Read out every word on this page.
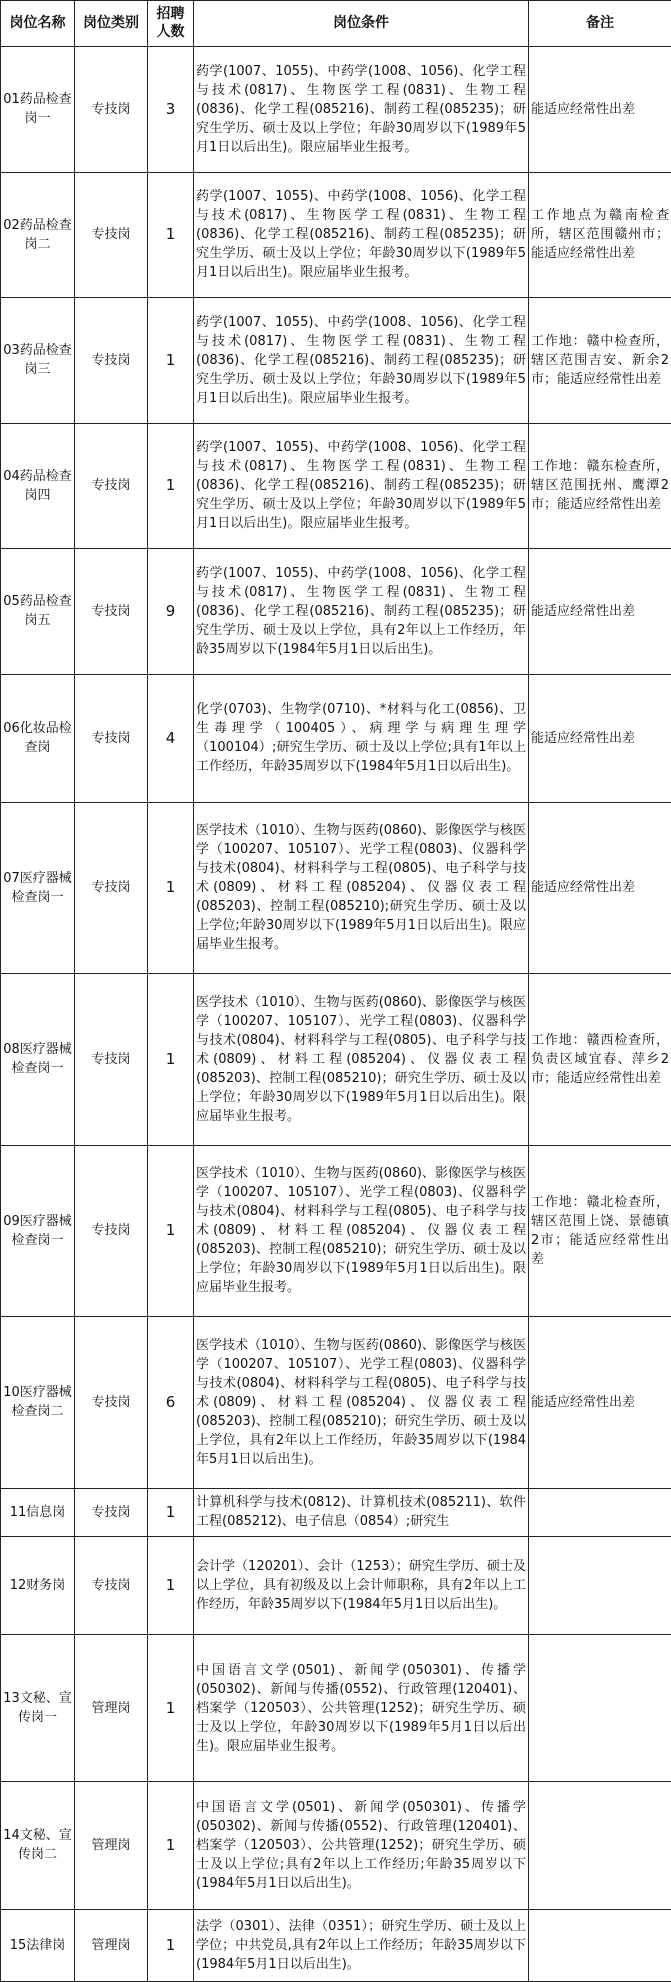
岗位名称	岗位类别	招聘人数	岗位条件	备注
01药品检查岗一	专技岗	3	药学(1007、1055)、中药学(1008、1056)、化学工程与技术(0817)、生物医学工程(0831)、生物工程(0836)、化学工程(085216)、制药工程(085235)；研究生学历、硕士及以上学位；年龄30周岁以下(1989年5月1日以后出生)。限应届毕业生报考。	能适应经常性出差
02药品检查岗二	专技岗	1	药学(1007、1055)、中药学(1008、1056)、化学工程与技术(0817)、生物医学工程(0831)、生物工程(0836)、化学工程(085216)、制药工程(085235)；研究生学历、硕士及以上学位；年龄30周岁以下(1989年5月1日以后出生)。限应届毕业生报考。	工作地点为赣南检查所，辖区范围赣州市；能适应经常性出差
03药品检查岗三	专技岗	1	药学(1007、1055)、中药学(1008、1056)、化学工程与技术(0817)、生物医学工程(0831)、生物工程(0836)、化学工程(085216)、制药工程(085235)；研究生学历、硕士及以上学位；年龄30周岁以下(1989年5月1日以后出生)。限应届毕业生报考。	工作地：赣中检查所，辖区范围吉安、新余2市；能适应经常性出差
04药品检查岗四	专技岗	1	药学(1007、1055)、中药学(1008、1056)、化学工程与技术(0817)、生物医学工程(0831)、生物工程(0836)、化学工程(085216)、制药工程(085235)；研究生学历、硕士及以上学位；年龄30周岁以下(1989年5月1日以后出生)。限应届毕业生报考。	工作地：赣东检查所，辖区范围抚州、鹰潭2市；能适应经常性出差
05药品检查岗五	专技岗	9	药学(1007、1055)、中药学(1008、1056)、化学工程与技术(0817)、生物医学工程(0831)、生物工程(0836)、化学工程(085216)、制药工程(085235)；研究生学历、硕士及以上学位，具有2年以上工作经历，年龄35周岁以下(1984年5月1日以后出生)。	能适应经常性出差
06化妆品检查岗	专技岗	4	化学(0703)、生物学(0710)、*材料与化工(0856)、卫生毒理学（100405）、病理学与病理生理学（100104）;研究生学历、硕士及以上学位;具有1年以上工作经历，年龄35周岁以下(1984年5月1日以后出生)。	能适应经常性出差
07医疗器械检查岗一	专技岗	1	医学技术（1010）、生物与医药(0860)、影像医学与核医学（100207、105107）、光学工程(0803)、仪器科学与技术(0804)、材料科学与工程(0805)、电子科学与技术(0809)、材料工程(085204)、仪器仪表工程(085203)、控制工程(085210);研究生学历、硕士及以上学位;年龄30周岁以下(1989年5月1日以后出生)。限应届毕业生报考。	能适应经常性出差
08医疗器械检查岗一	专技岗	1	医学技术（1010）、生物与医药(0860)、影像医学与核医学（100207、105107）、光学工程(0803)、仪器科学与技术(0804)、材料科学与工程(0805)、电子科学与技术(0809)、材料工程(085204)、仪器仪表工程(085203)、控制工程(085210)；研究生学历、硕士及以上学位；年龄30周岁以下(1989年5月1日以后出生)。限应届毕业生报考。	工作地：赣西检查所，负责区域宜春、萍乡2市；能适应经常性出差
09医疗器械检查岗一	专技岗	1	医学技术（1010）、生物与医药(0860)、影像医学与核医学（100207、105107）、光学工程(0803)、仪器科学与技术(0804)、材料科学与工程(0805)、电子科学与技术(0809)、材料工程(085204)、仪器仪表工程(085203)、控制工程(085210)；研究生学历、硕士及以上学位；年龄30周岁以下(1989年5月1日以后出生)。限应届毕业生报考。	工作地：赣北检查所，辖区范围上饶、景德镇2市；能适应经常性出差
10医疗器械检查岗二	专技岗	6	医学技术（1010）、生物与医药(0860)、影像医学与核医学（100207、105107）、光学工程(0803)、仪器科学与技术(0804)、材料科学与工程(0805)、电子科学与技术(0809)、材料工程(085204)、仪器仪表工程(085203)、控制工程(085210)；研究生学历、硕士及以上学位，具有2年以上工作经历，年龄35周岁以下(1984年5月1日以后出生)。	能适应经常性出差
11信息岗	专技岗	1	计算机科学与技术(0812)、计算机技术(085211)、软件工程(085212)、电子信息（0854）;研究生	
12财务岗	专技岗	1	会计学（120201）、会计（1253）；研究生学历、硕士及以上学位，具有初级及以上会计师职称，具有2年以上工作经历，年龄35周岁以下(1984年5月1日以后出生)。	
13文秘、宣传岗一	管理岗	1	中国语言文学(0501)、新闻学(050301)、传播学(050302)、新闻与传播(0552)、行政管理(120401)、档案学（120503）、公共管理(1252)；研究生学历、硕士及以上学位，年龄30周岁以下(1989年5月1日以后出生)。限应届毕业生报考。	
14文秘、宣传岗二	管理岗	1	中国语言文学(0501)、新闻学(050301)、传播学(050302)、新闻与传播(0552)、行政管理(120401)、档案学（120503）、公共管理(1252)；研究生学历、硕士及以上学位;具有2年以上工作经历;年龄35周岁以下(1984年5月1日以后出生)。	
15法律岗	管理岗	1	法学（0301）、法律（0351）；研究生学历、硕士及以上学位；中共党员,具有2年以上工作经历；年龄35周岁以下(1984年5月1日以后出生)。	
